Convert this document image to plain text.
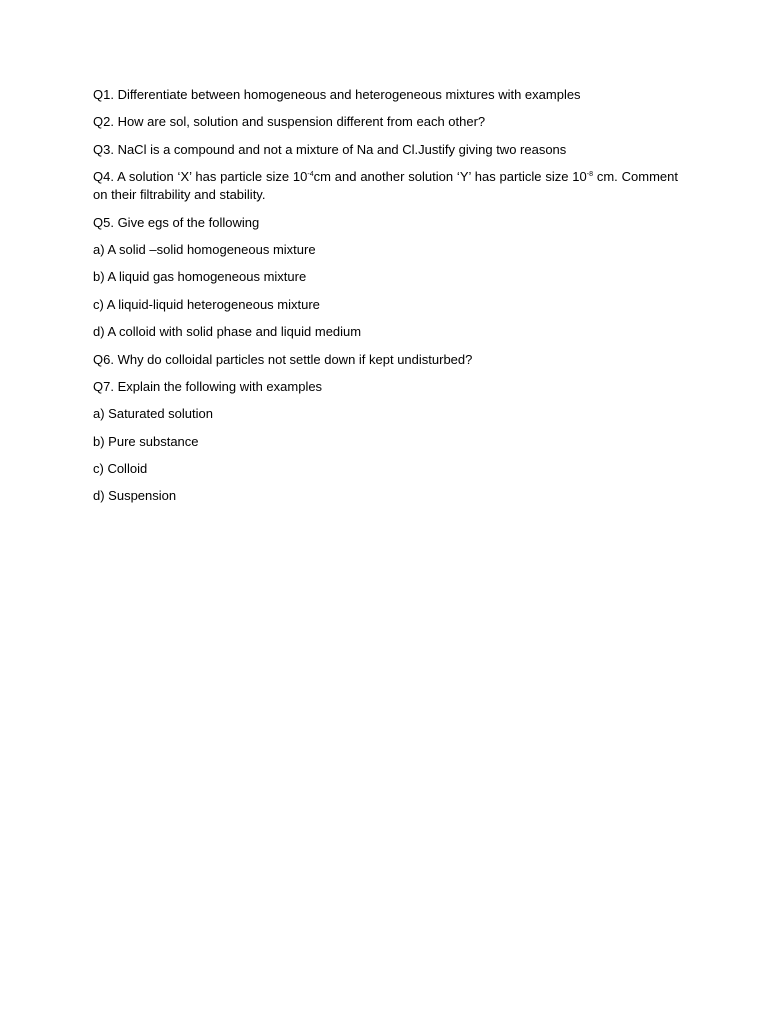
Q1. Differentiate between homogeneous and heterogeneous mixtures with examples

Q2. How are sol, solution and suspension different from each other?

Q3. NaCl is a compound and not a mixture of Na and Cl.Justify giving two reasons

Q4. A solution ‘X’ has particle size $10^{-4}cm$ and another solution ‘Y’ has particle size $10^{-8}$ cm. Comment on their filtrability and stability.

Q5. Give egs of the following

a) A solid –solid homogeneous mixture

b) A liquid gas homogeneous mixture

c) A liquid-liquid heterogeneous mixture

d) A colloid with solid phase and liquid medium

Q6. Why do colloidal particles not settle down if kept undisturbed?

Q7. Explain the following with examples

a) Saturated solution

b) Pure substance

c) Colloid

d) Suspension
